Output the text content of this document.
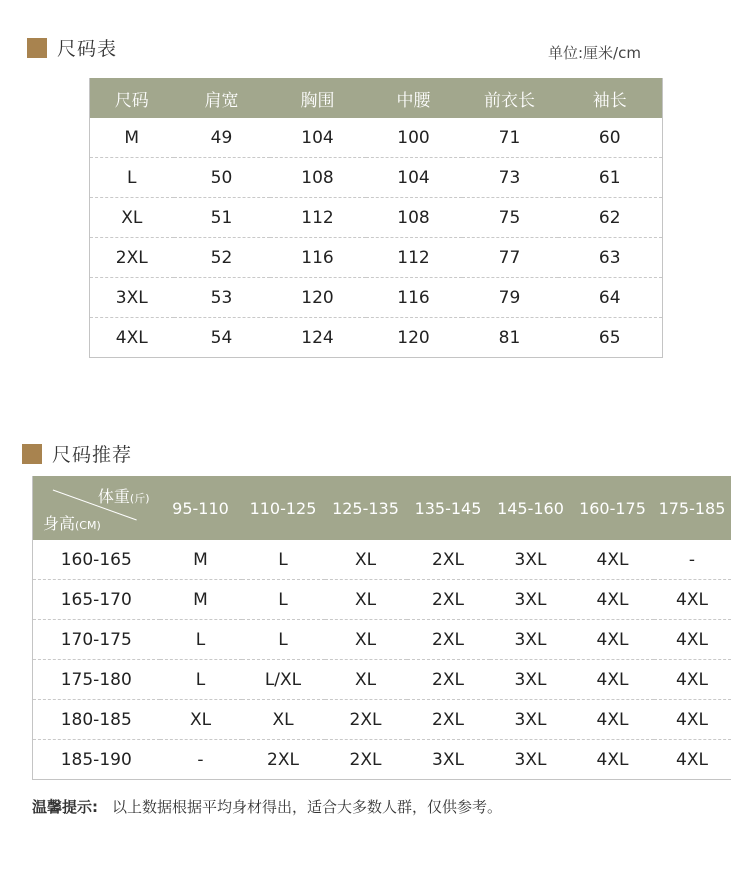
尺码表	单位:厘米/cm
尺码	肩宽	胸围	中腰	前衣长	袖长
M	49	104	100	71	60
L	50	108	104	73	61
XL	51	112	108	75	62
2XL	52	116	112	77	63
3XL	53	120	116	79	64
4XL	54	124	120	81	65
尺码推荐
体重(斤)
身高(CM)	95-110	110-125	125-135	135-145	145-160	160-175	175-185
160-165	M	L	XL	2XL	3XL	4XL	-
165-170	M	L	XL	2XL	3XL	4XL	4XL
170-175	L	L	XL	2XL	3XL	4XL	4XL
175-180	L	L/XL	XL	2XL	3XL	4XL	4XL
180-185	XL	XL	2XL	2XL	3XL	4XL	4XL
185-190	-	2XL	2XL	3XL	3XL	4XL	4XL
温馨提示: 以上数据根据平均身材得出，适合大多数人群，仅供参考。
